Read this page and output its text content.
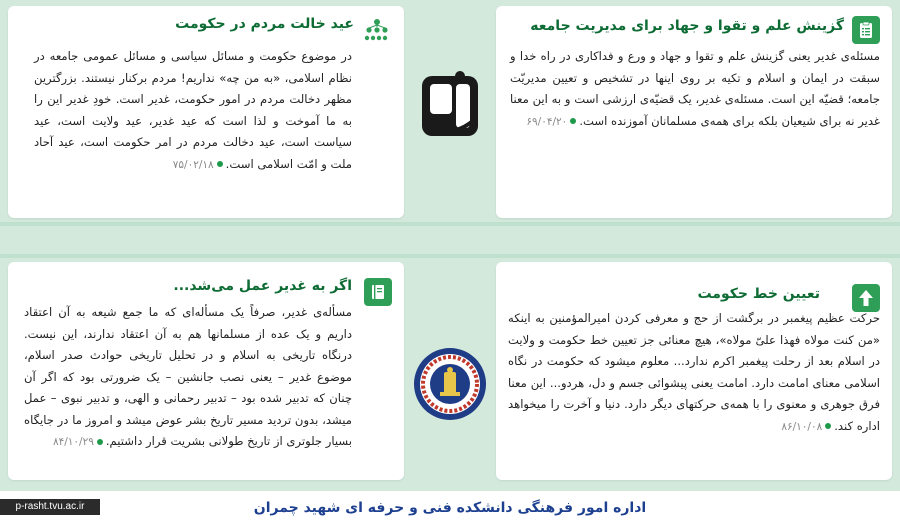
گزینش علم و تقوا و جهاد برای مدیریت جامعه
مسئله‌ی غدیر یعنی گزینش علم و تقوا و جهاد و ورع و فداکاری در راه خدا و سبقت در ایمان و اسلام و تکیه بر روی اینها در تشخیص و تعیین مدیریّت جامعه؛ قضیّه این است. مسئله‌ی غدیر، یک قضیّه‌ی ارزشی است و به این معنا غدیر نه برای شیعیان بلکه برای همه‌ی مسلمانان آموزنده است.۶۹/۰۴/۲۰
عید خالت مردم در حکومت
در موضوع حکومت و مسائل سیاسی و مسائل عمومی جامعه در نظام اسلامی، «به من چه» نداریم! مردم برکنار نیستند. بزرگترین مظهر دخالت مردم در امور حکومت، غدیر است. خودِ غدیر این را به ما آموخت و لذا است که عید غدیر، عید ولایت است، عید سیاست است، عید دخالت مردم در امر حکومت است، عید آحاد ملت و امّت اسلامی است.۷۵/۰۲/۱۸
تعیین خط حکومت
حرکت عظیم پیغمبر در برگشت از حج و معرفی کردن امیرالمؤمنین به اینکه «من کنت مولاه فهذا علیّ مولاه»، هیچ معنائی جز تعیین خط حکومت و ولایت در اسلام بعد از رحلت پیغمبر اکرم ندارد... معلوم میشود که حکومت در نگاه اسلامی معنای امامت دارد. امامت یعنی پیشوائی جسم و دل، هردو... این معنا فرق جوهری و معنوی را با همه‌ی حرکتهای دیگر دارد. دنیا و آخرت را میخواهد اداره کند.۸۶/۱۰/۰۸
اگر به غدیر عمل می‌شد...
مسأله‌ی غدیر، صرفاً یک مسأله‌ای که ما جمع شیعه به آن اعتقاد داریم و یک عده از مسلمانها هم به آن اعتقاد ندارند، این نیست. درنگاه تاریخی به اسلام و در تحلیل تاریخی حوادث صدر اسلام، موضوع غدیر – یعنی نصب جانشین – یک ضرورتی بود که اگر آن چنان که تدبیر شده بود – تدبیر رحمانی و الهی، و تدبیر نبوی – عمل میشد، بدون تردید مسیر تاریخ بشر عوض میشد و امروز ما در جایگاه بسیار جلوتری از تاریخ طولانی بشریت قرار داشتیم.۸۴/۱۰/۲۹
اداره امور فرهنگی دانشکده فنی و حرفه ای شهید چمران
p-rasht.tvu.ac.ir
